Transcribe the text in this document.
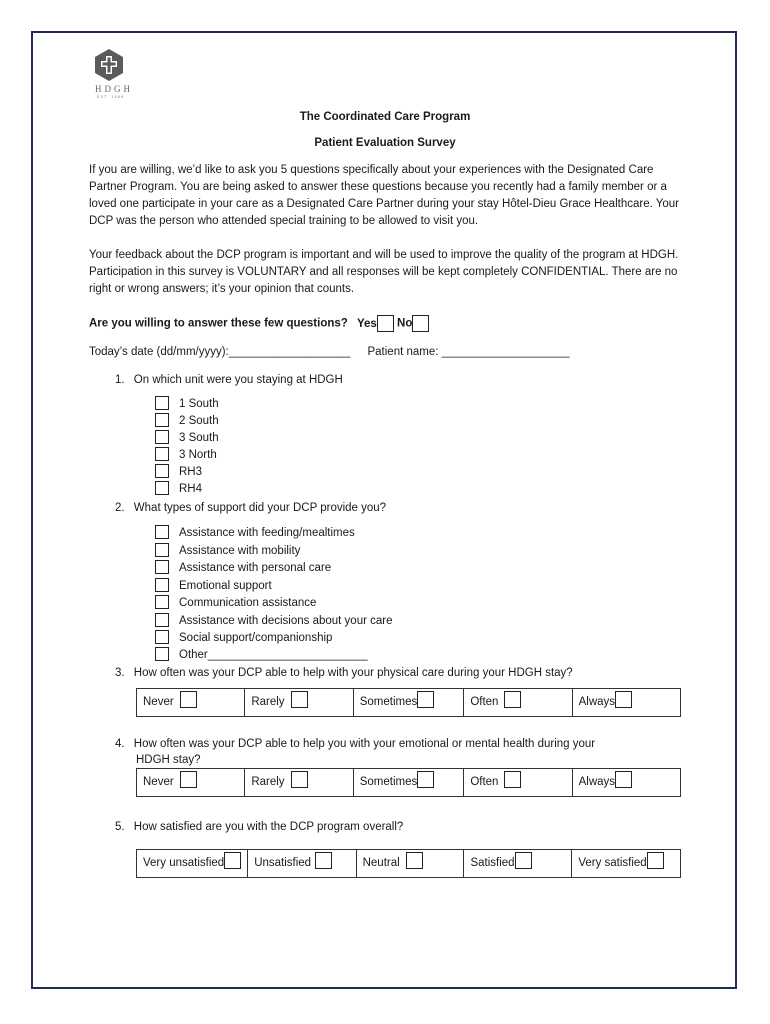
HDGH
EST. 1888
The Coordinated Care Program
Patient Evaluation Survey

If you are willing, we’d like to ask you 5 questions specifically about your experiences with the Designated Care Partner Program. You are being asked to answer these questions because you recently had a family member or a loved one participate in your care as a Designated Care Partner during your stay Hôtel-Dieu Grace Healthcare. Your DCP was the person who attended special training to be allowed to visit you.

Your feedback about the DCP program is important and will be used to improve the quality of the program at HDGH. Participation in this survey is VOLUNTARY and all responses will be kept completely CONFIDENTIAL. There are no right or wrong answers; it’s your opinion that counts.

Are you willing to answer these few questions? Yes No
Today’s date (dd/mm/yyyy):___________________ Patient name: ____________________
1. On which unit were you staying at HDGH
1 South
2 South
3 South
3 North
RH3
RH4
2. What types of support did your DCP provide you?
Assistance with feeding/mealtimes
Assistance with mobility
Assistance with personal care
Emotional support
Communication assistance
Assistance with decisions about your care
Social support/companionship
Other_________________________
3. How often was your DCP able to help with your physical care during your HDGH stay?
Never	Rarely	Sometimes	Often	Always
4. How often was your DCP able to help you with your emotional or mental health during your
HDGH stay?
Never	Rarely	Sometimes	Often	Always
5. How satisfied are you with the DCP program overall?
Very unsatisfied	Unsatisfied	Neutral	Satisfied	Very satisfied
